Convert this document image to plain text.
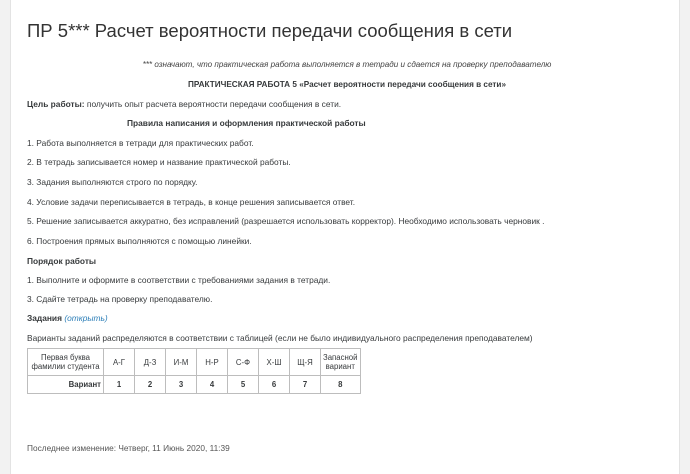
ПР 5*** Расчет вероятности передачи сообщения в сети
*** означают, что практическая работа выполняется в тетради и сдается на проверку преподавателю
ПРАКТИЧЕСКАЯ РАБОТА 5 «Расчет вероятности передачи сообщения в сети»
Цель работы: получить опыт расчета вероятности передачи сообщения в сети.
Правила написания и оформления практической работы
1. Работа выполняется в тетради для практических работ.
2. В тетрадь записывается номер и название практической работы.
3. Задания выполняются строго по порядку.
4. Условие задачи переписывается в тетрадь, в конце решения записывается ответ.
5. Решение записывается аккуратно, без исправлений (разрешается использовать корректор). Необходимо использовать черновик .
6. Построения прямых выполняются с помощью линейки.
Порядок работы
1. Выполните и оформите в соответствии с требованиями задания в тетради.
3. Сдайте тетрадь на проверку преподавателю.
Задания (открыть)
Варианты заданий распределяются в соответствии с таблицей (если не было индивидуального распределения преподавателем)
Первая буква фамилии студента	А-Г	Д-З	И-М	Н-Р	С-Ф	Х-Ш	Щ-Я	Запасной вариант
Вариант	1	2	3	4	5	6	7	8
Последнее изменение: Четверг, 11 Июнь 2020, 11:39
